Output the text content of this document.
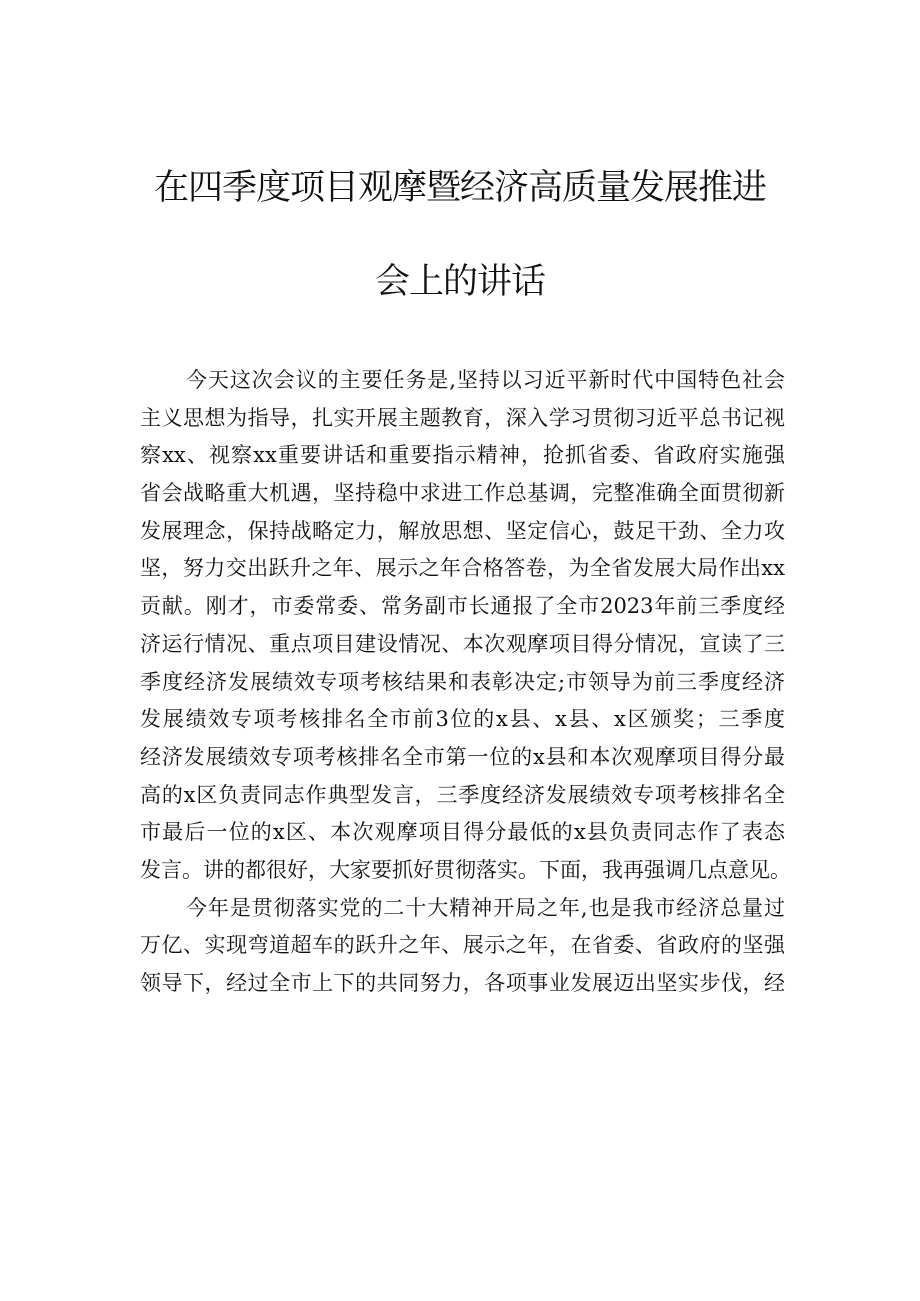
在四季度项目观摩暨经济高质量发展推进
会上的讲话
今天这次会议的主要任务是,坚持以习近平新时代中国特色社会
主义思想为指导，扎实开展主题教育，深入学习贯彻习近平总书记视
察xx、视察xx重要讲话和重要指示精神，抢抓省委、省政府实施强
省会战略重大机遇，坚持稳中求进工作总基调，完整准确全面贯彻新
发展理念，保持战略定力，解放思想、坚定信心，鼓足干劲、全力攻
坚，努力交出跃升之年、展示之年合格答卷，为全省发展大局作出xx
贡献。刚才，市委常委、常务副市长通报了全市2023年前三季度经
济运行情况、重点项目建设情况、本次观摩项目得分情况，宣读了三
季度经济发展绩效专项考核结果和表彰决定;市领导为前三季度经济
发展绩效专项考核排名全市前3位的x县、x县、x区颁奖；三季度
经济发展绩效专项考核排名全市第一位的x县和本次观摩项目得分最
高的x区负责同志作典型发言，三季度经济发展绩效专项考核排名全
市最后一位的x区、本次观摩项目得分最低的x县负责同志作了表态
发言。讲的都很好，大家要抓好贯彻落实。下面，我再强调几点意见。
今年是贯彻落实党的二十大精神开局之年,也是我市经济总量过
万亿、实现弯道超车的跃升之年、展示之年，在省委、省政府的坚强
领导下，经过全市上下的共同努力，各项事业发展迈出坚实步伐，经
